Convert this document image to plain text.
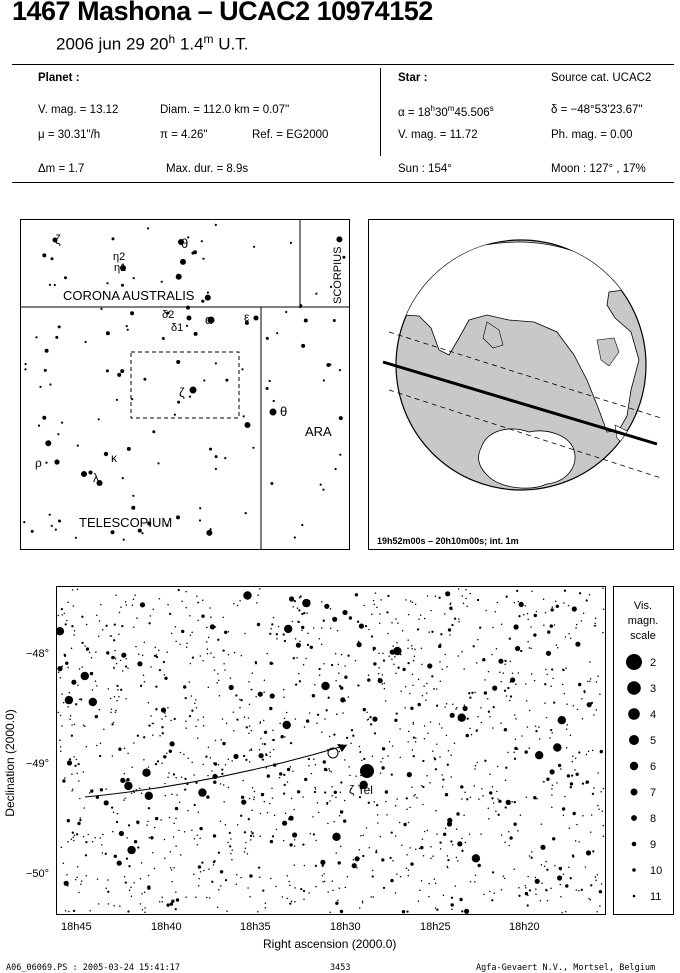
1467 Mashona – UCAC2 10974152
2006 jun 29 20$^h$ 1.4$^m$ U.T.
Planet :
V. mag. = 13.12	Diam. = 112.0 km = 0.07"
μ = 30.31"/h	π = 4.26"	Ref. = EG2000
Δm = 1.7	Max. dur. = 8.9s
Star :	Source cat. UCAC2
$\alpha = 18^h30^m45.506^s$	δ = −48°53'23.67"
V. mag. = 11.72	Ph. mag. = 0.00
Sun : 154°	Moon : 127° , 17%
CORONA AUSTRALIS	SCORPIUS
ARA
TELESCOPIUM
ζ
η2
η1
θ
δ2
δ1
α	ε
ζ
θ
ρ	κ
λ
19h52m00s – 20h10m00s; int. 1m
ζ Tel
18h45	18h40	18h35	18h30	18h25	18h20
Right ascension (2000.0)
−48°
−49°
−50°
Declination (2000.0)
Vis.
magn.
scale
2
3
4
5
6
7
8
9
10
11
A06_06069.PS : 2005-03-24 15:41:17	3453	Agfa-Gevaert N.V., Mortsel, Belgium
